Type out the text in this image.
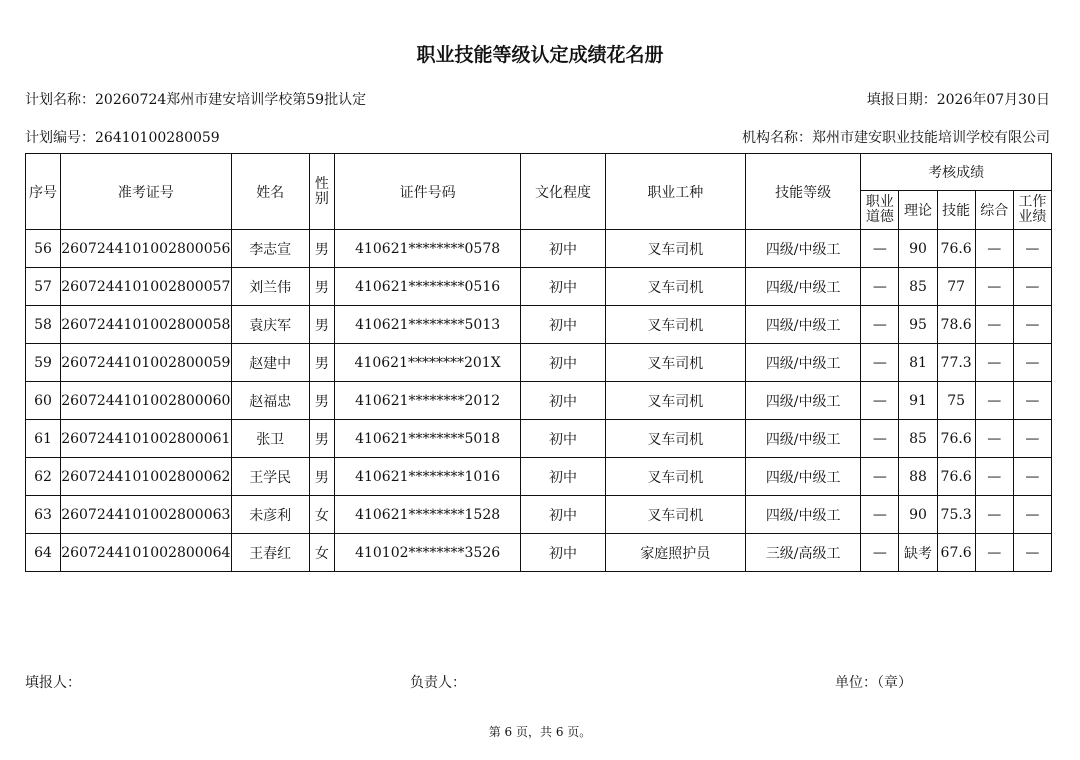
职业技能等级认定成绩花名册
计划名称：20260724郑州市建安培训学校第59批认定	填报日期：2026年07月30日
计划编号：26410100280059	机构名称：郑州市建安职业技能培训学校有限公司
序号	准考证号	姓名	性别	证件号码	文化程度	职业工种	技能等级	考核成绩				
								职业道德	理论	技能	综合	工作业绩
56	2607244101002800056	李志宣	男	410621********0578	初中	叉车司机	四级/中级工	—	90	76.6	—	—
57	2607244101002800057	刘兰伟	男	410621********0516	初中	叉车司机	四级/中级工	—	85	77	—	—
58	2607244101002800058	袁庆军	男	410621********5013	初中	叉车司机	四级/中级工	—	95	78.6	—	—
59	2607244101002800059	赵建中	男	410621********201X	初中	叉车司机	四级/中级工	—	81	77.3	—	—
60	2607244101002800060	赵福忠	男	410621********2012	初中	叉车司机	四级/中级工	—	91	75	—	—
61	2607244101002800061	张卫	男	410621********5018	初中	叉车司机	四级/中级工	—	85	76.6	—	—
62	2607244101002800062	王学民	男	410621********1016	初中	叉车司机	四级/中级工	—	88	76.6	—	—
63	2607244101002800063	未彦利	女	410621********1528	初中	叉车司机	四级/中级工	—	90	75.3	—	—
64	2607244101002800064	王春红	女	410102********3526	初中	家庭照护员	三级/高级工	—	缺考	67.6	—	—
填报人：	负责人：	单位：（章）
第 6 页，共 6 页。
